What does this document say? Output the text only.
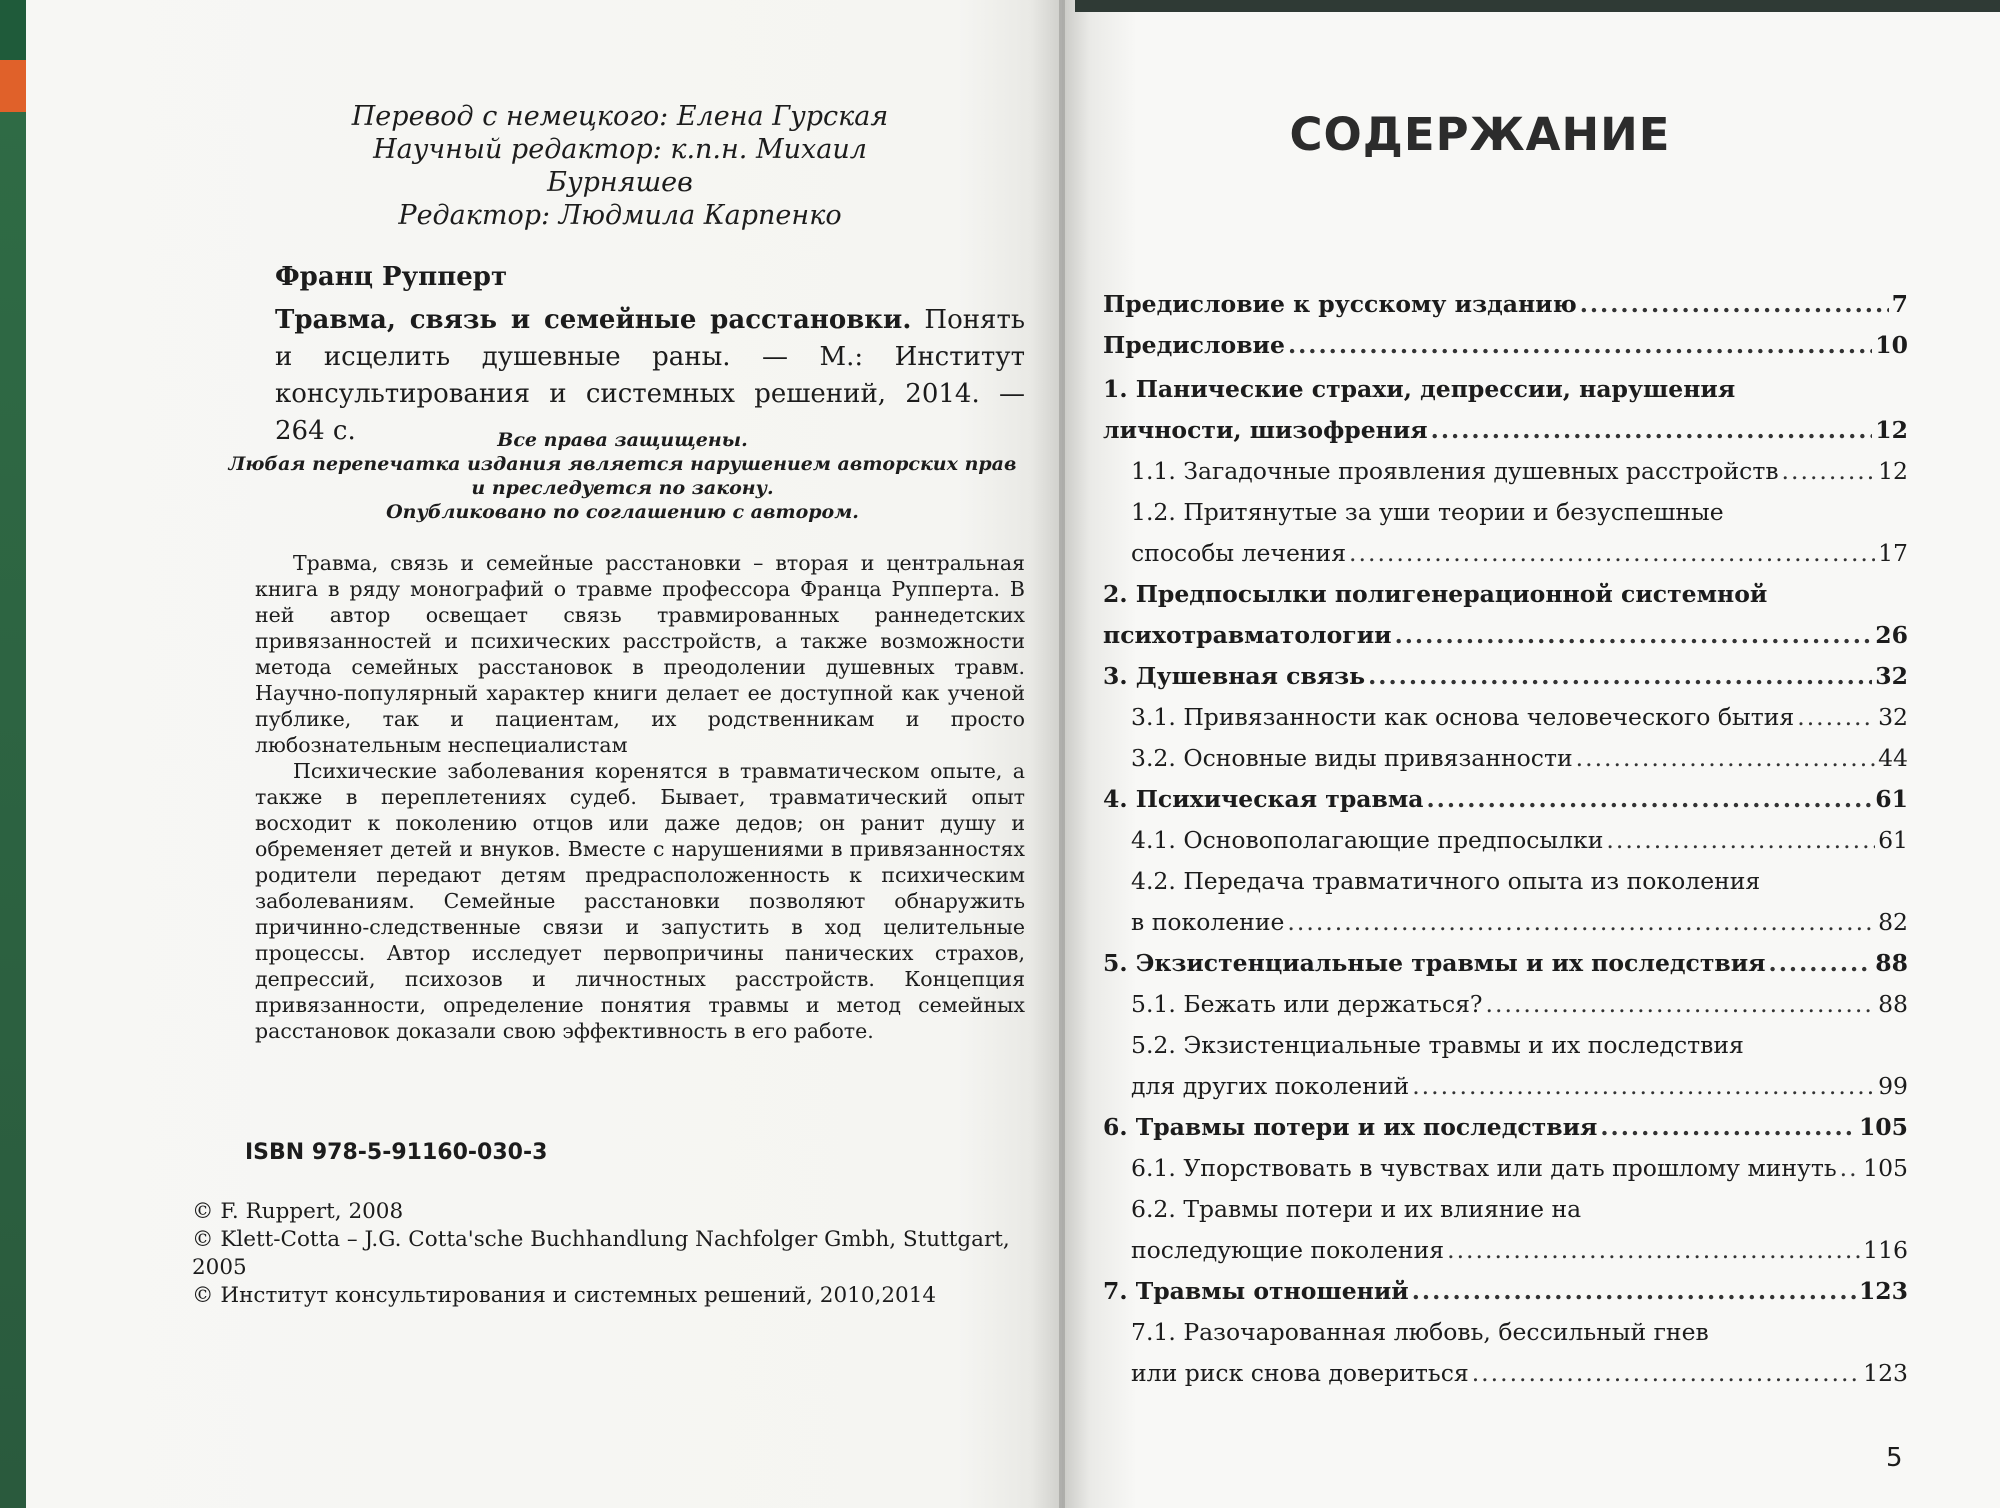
Перевод с немецкого: Елена Гурская
Научный редактор: к.п.н. Михаил Бурняшев
Редактор: Людмила Карпенко
Франц Рупперт
Травма, связь и семейные расстановки. Понять и исцелить душевные раны. — М.: Институт консультирования и системных решений, 2014. — 264 с.	Все права защищены.
Любая перепечатка издания является нарушением авторских прав
и преследуется по закону.
Опубликовано по соглашению с автором.

Травма, связь и семейные расстановки – вторая и центральная книга в ряду монографий о травме профессора Франца Рупперта. В ней автор освещает связь травмированных раннедетских привязанностей и психических расстройств, а также возможности метода семейных расстановок в преодолении душевных травм. Научно-популярный характер книги делает ее доступной как ученой публике, так и пациентам, их родственникам и просто любознательным неспециалистам

Психические заболевания коренятся в травматическом опыте, а также в переплетениях судеб. Бывает, травматический опыт восходит к поколению отцов или даже дедов; он ранит душу и обременяет детей и внуков. Вместе с нарушениями в привязанностях родители передают детям предрасположенность к психическим заболеваниям. Семейные расстановки позволяют обнаружить причинно-следственные связи и запустить в ход целительные процессы. Автор исследует первопричины панических страхов, депрессий, психозов и личностных расстройств. Концепция привязанности, определение понятия травмы и метод семейных расстановок доказали свою эффективность в его работе.

ISBN 978-5-91160-030-3
© F. Ruppert, 2008
© Klett-Cotta – J.G. Cotta'sche Buchhandlung Nachfolger Gmbh, Stuttgart, 2005
© Институт консультирования и системных решений, 2010,2014
СОДЕРЖАНИЕ
Предисловие к русскому изданию .....	7
Предисловие .....	10
1. Панические страхи, депрессии, нарушения
личности, шизофрения .....	12
1.1. Загадочные проявления душевных расстройств .....	12
1.2. Притянутые за уши теории и безуспешные
способы лечения .....	17
2. Предпосылки полигенерационной системной
психотравматологии .....	26
3. Душевная связь .....	32
3.1. Привязанности как основа человеческого бытия .....	32
3.2. Основные виды привязанности .....	44
4. Психическая травма .....	61
4.1. Основополагающие предпосылки .....	61
4.2. Передача травматичного опыта из поколения
в поколение .....	82
5. Экзистенциальные травмы и их последствия .....	88
5.1. Бежать или держаться? .....	88
5.2. Экзистенциальные травмы и их последствия
для других поколений .....	99
6. Травмы потери и их последствия .....	105
6.1. Упорствовать в чувствах или дать прошлому минуть ..... 105
6.2. Травмы потери и их влияние на
последующие поколения .....	116
7. Травмы отношений .....	123
7.1. Разочарованная любовь, бессильный гнев
или риск снова довериться .....	123
5
